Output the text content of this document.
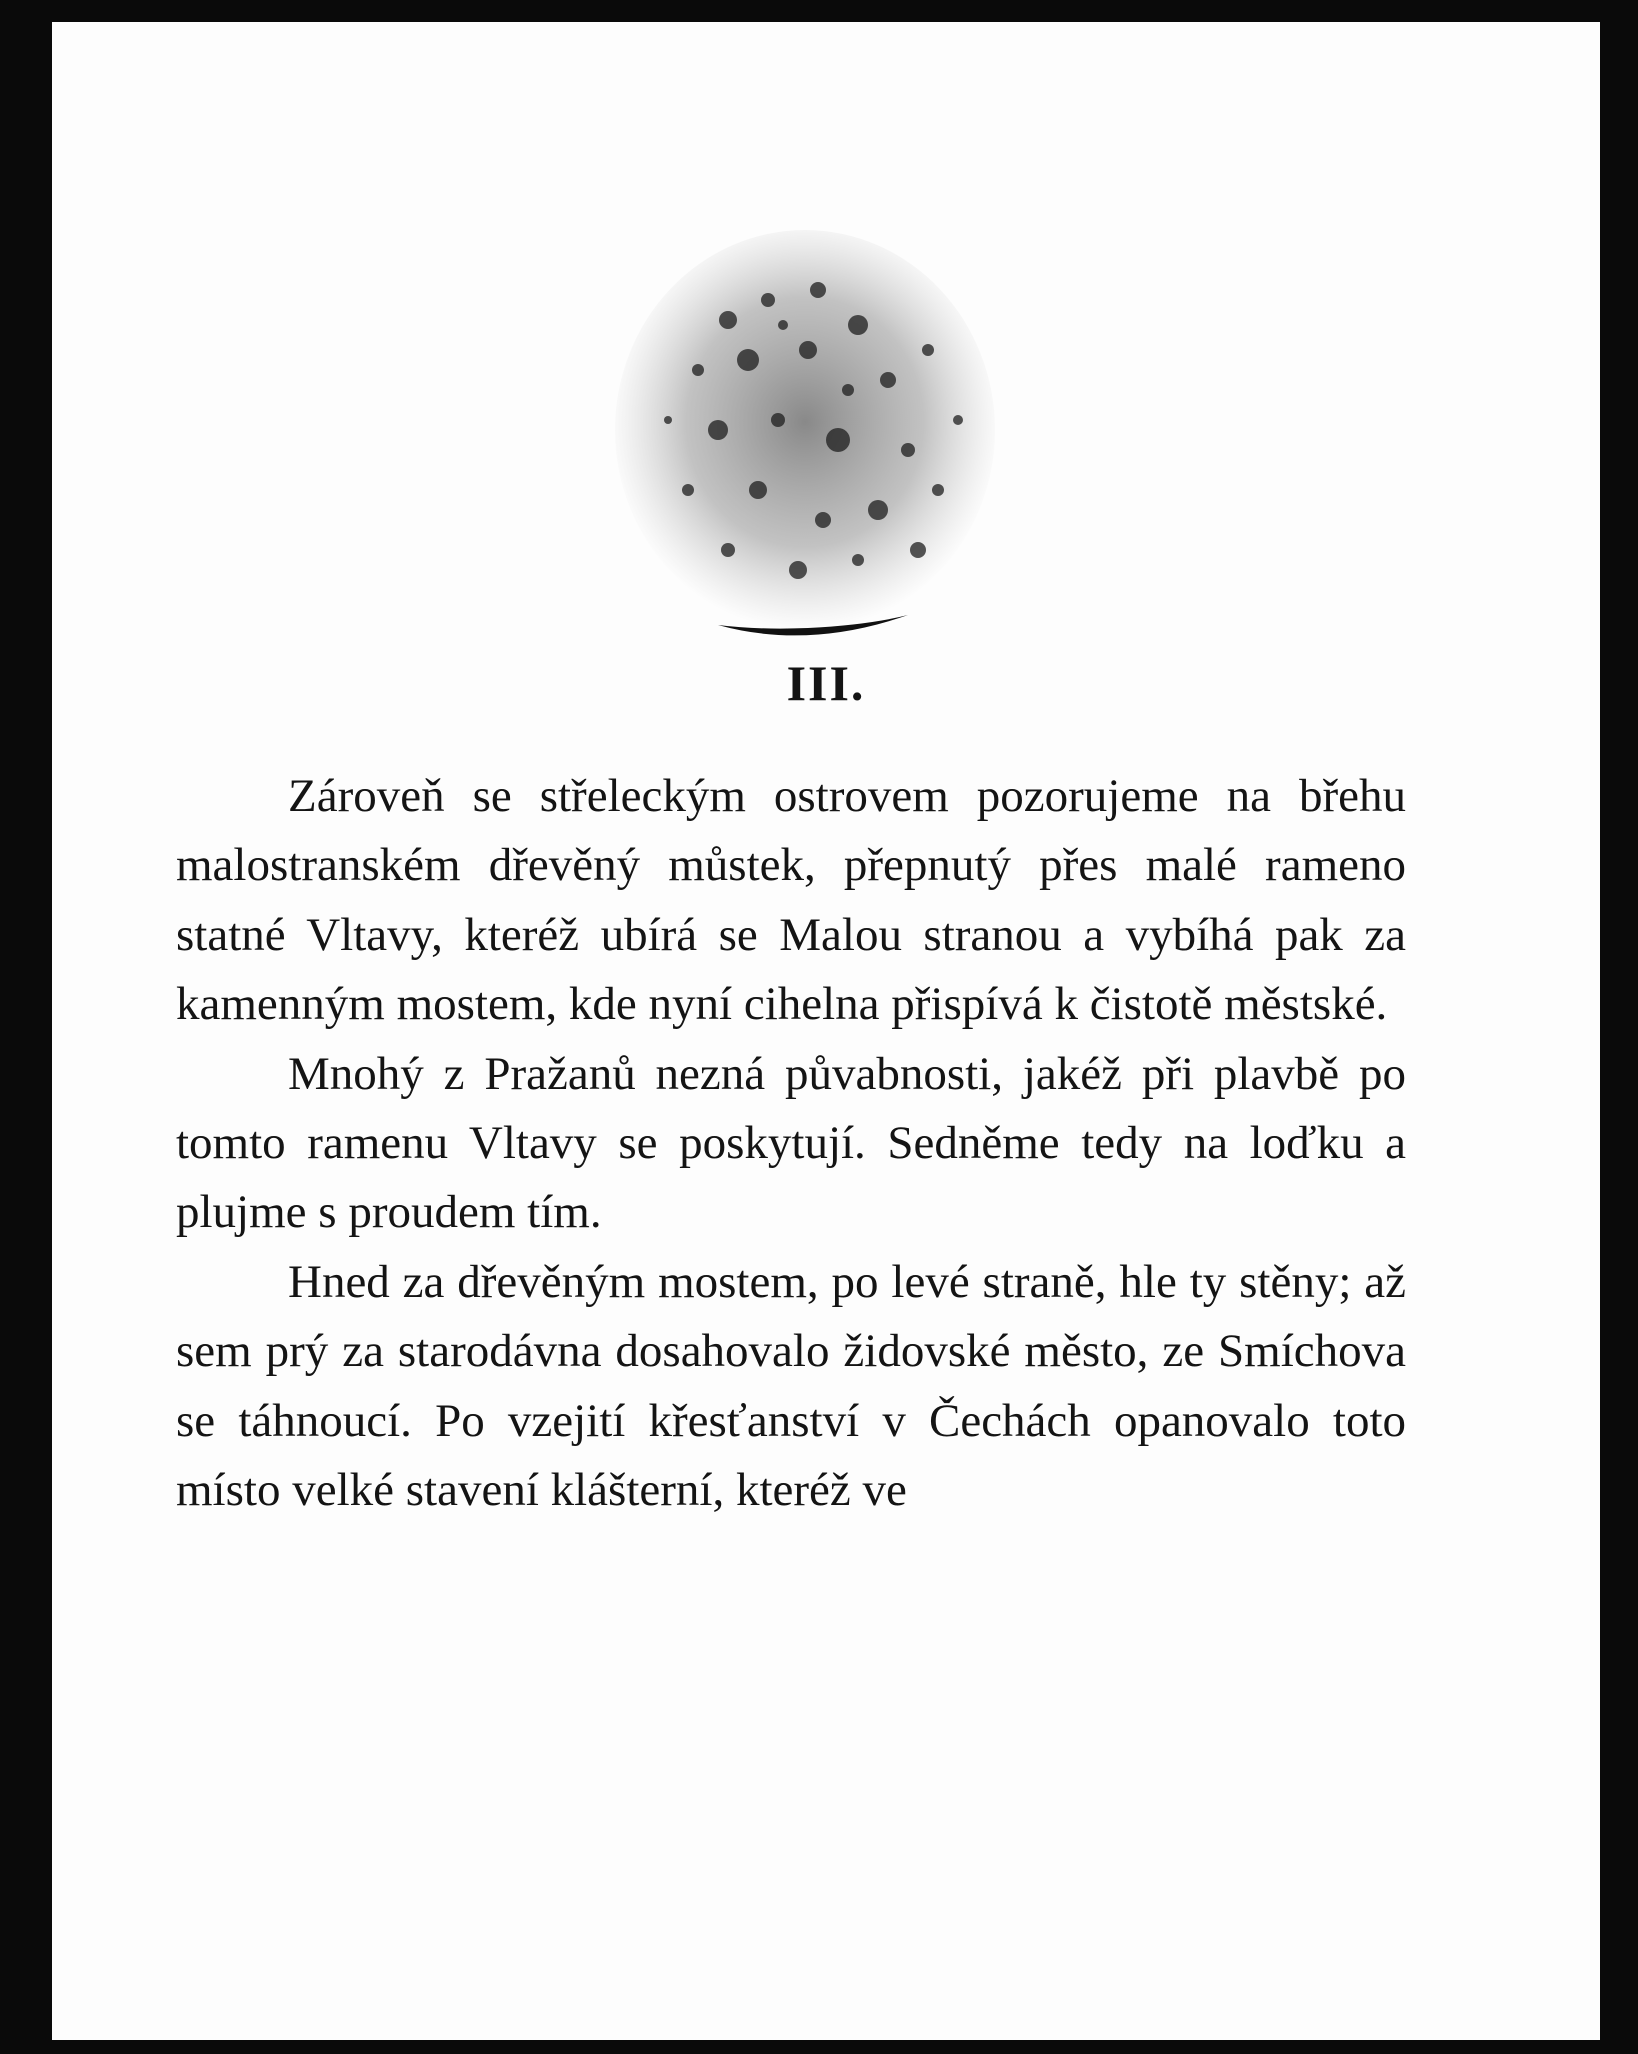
III.

Zároveň se střeleckým ostrovem pozorujeme na břehu malostranském dřevěný můstek, přepnutý přes malé rameno statné Vltavy, kteréž ubírá se Malou stranou a vybíhá pak za kamenným mostem, kde nyní cihelna přispívá k čistotě městské.

Mnohý z Pražanů nezná půvabnosti, jakéž při plavbě po tomto ramenu Vltavy se poskytují. Sedněme tedy na loďku a plujme s proudem tím.

Hned za dřevěným mostem, po levé straně, hle ty stěny; až sem prý za starodávna dosahovalo židovské město, ze Smíchova se táhnoucí. Po vzejití křesťanství v Čechách opanovalo toto místo velké stavení klášterní, kteréž ve
